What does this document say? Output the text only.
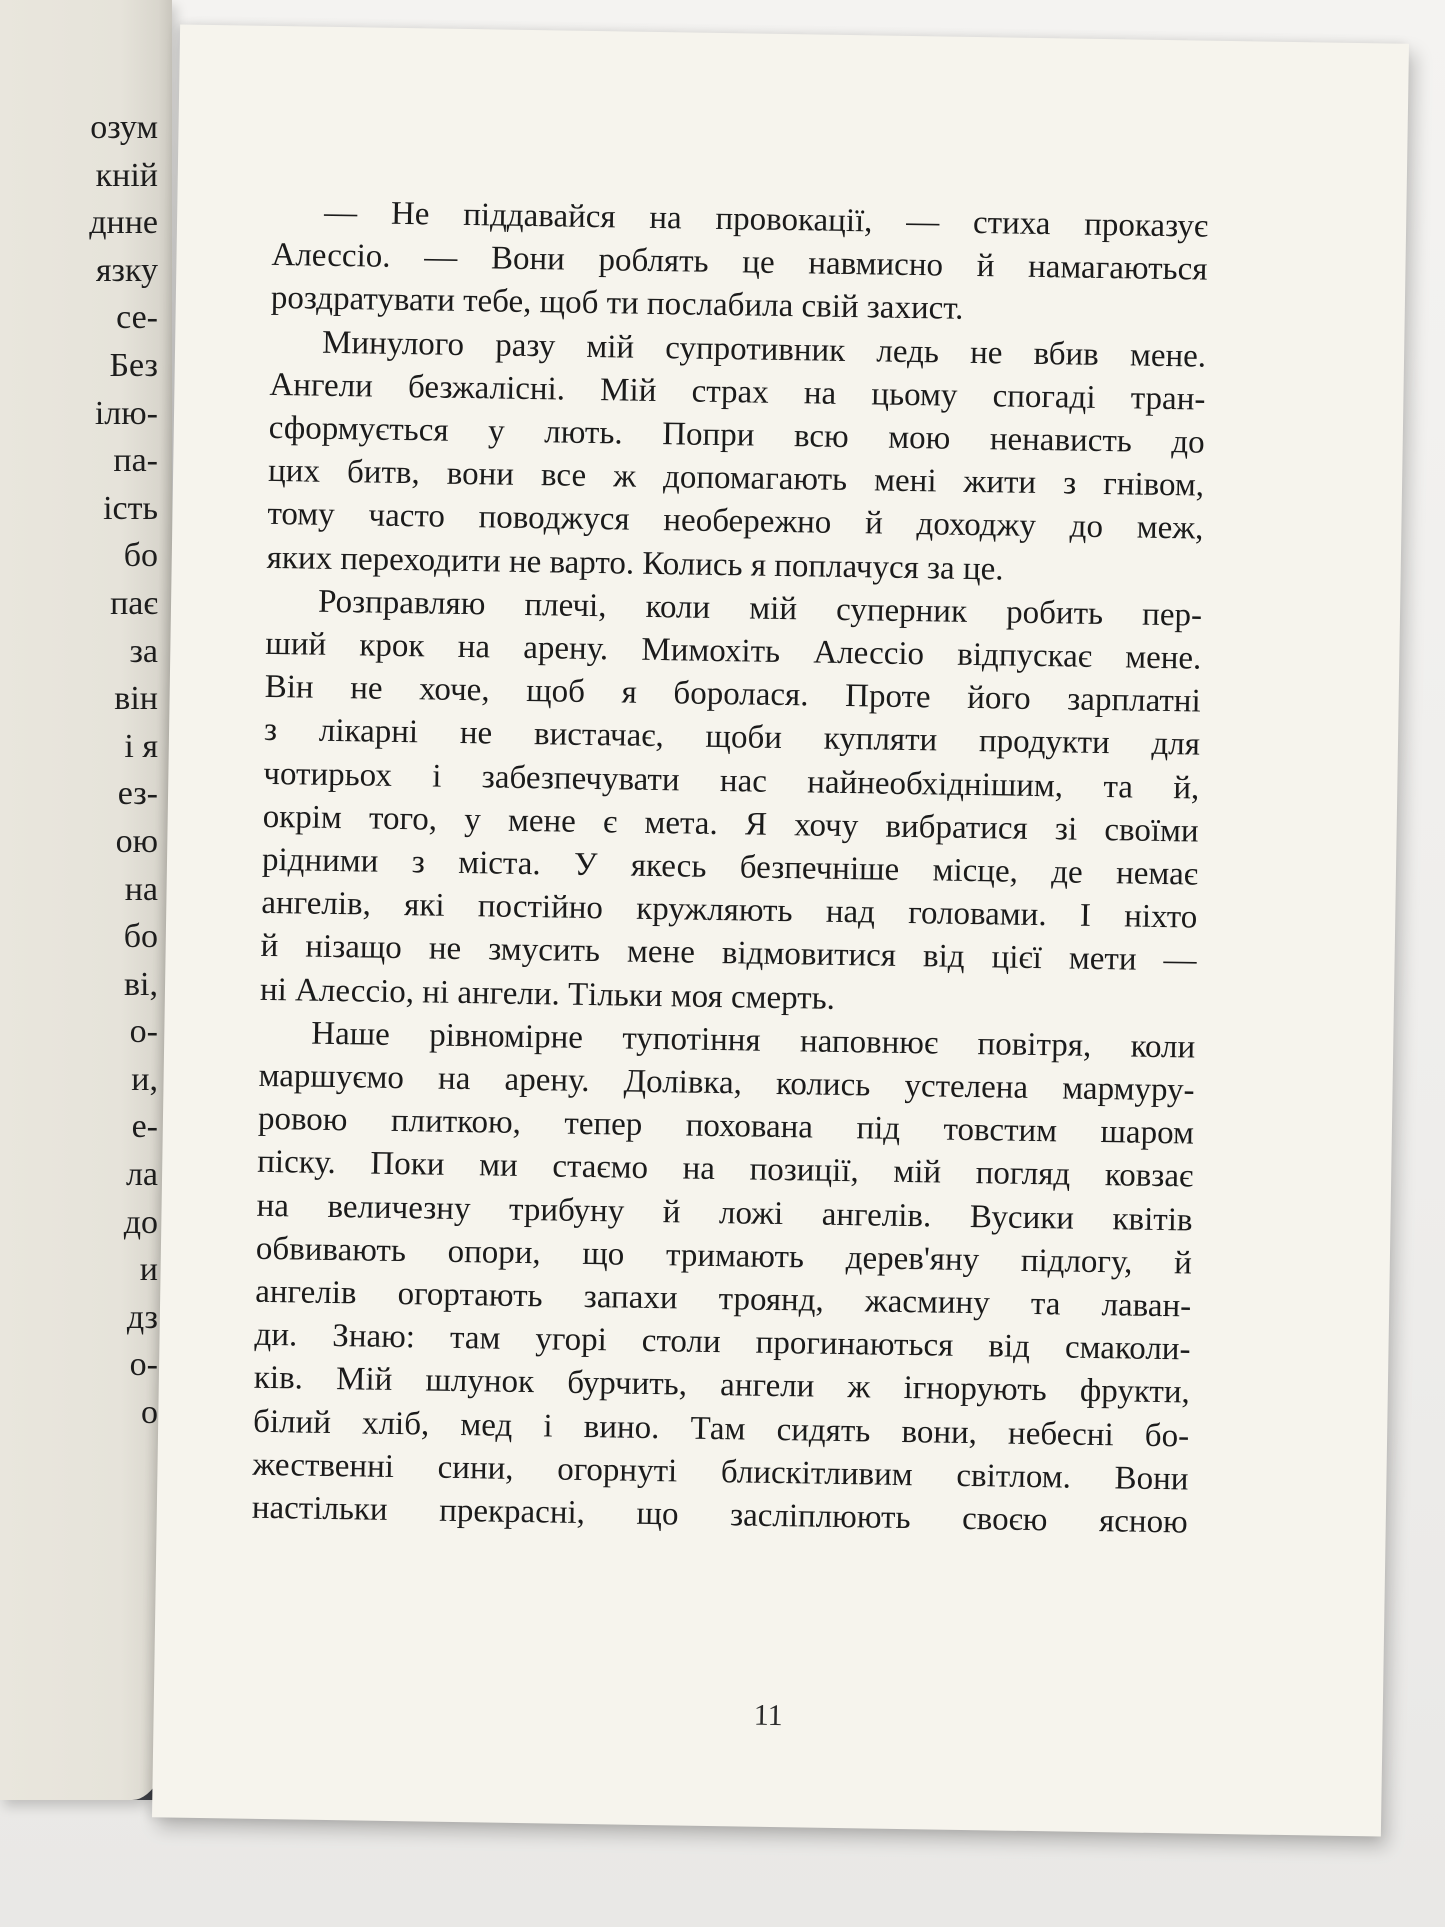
озум
кній
днне
язку
се-
Без
ілю-
па-
ість
бо
пає
за
він
і я
ез-
ою
на
бо
ві,
о-
и,
е-
ла
до
и
дз
о-
о
— Не піддавайся на провокації, — стиха проказує
Алессіо. — Вони роблять це навмисно й намагаються
роздратувати тебе, щоб ти послабила свій захист.
Минулого разу мій супротивник ледь не вбив мене.
Ангели безжалісні. Мій страх на цьому спогаді тран-
сформується у лють. Попри всю мою ненависть до
цих битв, вони все ж допомагають мені жити з гнівом,
тому часто поводжуся необережно й доходжу до меж,
яких переходити не варто. Колись я поплачуся за це.
Розправляю плечі, коли мій суперник робить пер-
ший крок на арену. Мимохіть Алессіо відпускає мене.
Він не хоче, щоб я боролася. Проте його зарплатні
з лікарні не вистачає, щоби купляти продукти для
чотирьох і забезпечувати нас найнеобхіднішим, та й,
окрім того, у мене є мета. Я хочу вибратися зі своїми
рідними з міста. У якесь безпечніше місце, де немає
ангелів, які постійно кружляють над головами. І ніхто
й нізащо не змусить мене відмовитися від цієї мети —
ні Алессіо, ні ангели. Тільки моя смерть.
Наше рівномірне тупотіння наповнює повітря, коли
маршуємо на арену. Долівка, колись устелена мармуру-
ровою плиткою, тепер похована під товстим шаром
піску. Поки ми стаємо на позиції, мій погляд ковзає
на величезну трибуну й ложі ангелів. Вусики квітів
обвивають опори, що тримають дерев'яну підлогу, й
ангелів огортають запахи троянд, жасмину та лаван-
ди. Знаю: там угорі столи прогинаються від смаколи-
ків. Мій шлунок бурчить, ангели ж ігнорують фрукти,
білий хліб, мед і вино. Там сидять вони, небесні бо-
жественні сини, огорнуті блискітливим світлом. Вони
настільки прекрасні, що засліплюють своєю ясною
11
